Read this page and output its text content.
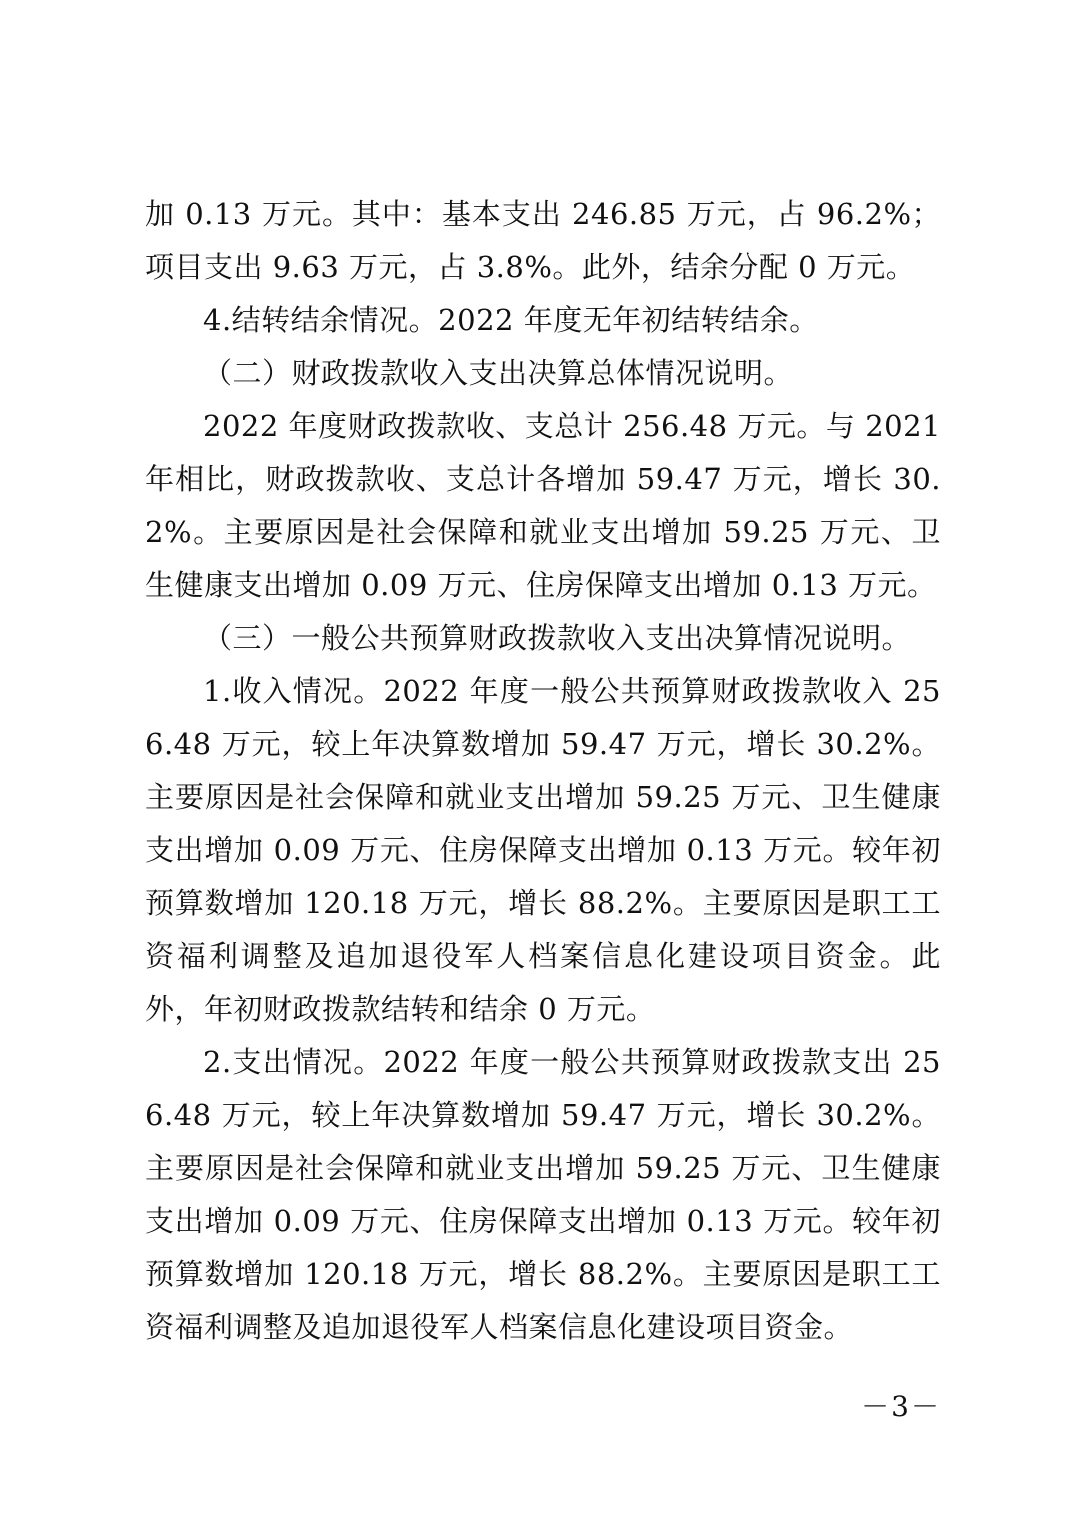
加 0.13 万元。其中：基本支出 246.85 万元，占 96.2%；项目支出 9.63 万元，占 3.8%。此外，结余分配 0 万元。

4.结转结余情况。2022 年度无年初结转结余。

（二）财政拨款收入支出决算总体情况说明。

2022 年度财政拨款收、支总计 256.48 万元。与 2021 年相比，财政拨款收、支总计各增加 59.47 万元，增长 30.2%。主要原因是社会保障和就业支出增加 59.25 万元、卫生健康支出增加 0.09 万元、住房保障支出增加 0.13 万元。

（三）一般公共预算财政拨款收入支出决算情况说明。

1.收入情况。2022 年度一般公共预算财政拨款收入 256.48 万元，较上年决算数增加 59.47 万元，增长 30.2%。主要原因是社会保障和就业支出增加 59.25 万元、卫生健康支出增加 0.09 万元、住房保障支出增加 0.13 万元。较年初预算数增加 120.18 万元，增长 88.2%。主要原因是职工工资福利调整及追加退役军人档案信息化建设项目资金。此外，年初财政拨款结转和结余 0 万元。

2.支出情况。2022 年度一般公共预算财政拨款支出 256.48 万元，较上年决算数增加 59.47 万元，增长 30.2%。主要原因是社会保障和就业支出增加 59.25 万元、卫生健康支出增加 0.09 万元、住房保障支出增加 0.13 万元。较年初预算数增加 120.18 万元，增长 88.2%。主要原因是职工工资福利调整及追加退役军人档案信息化建设项目资金。

－3－
